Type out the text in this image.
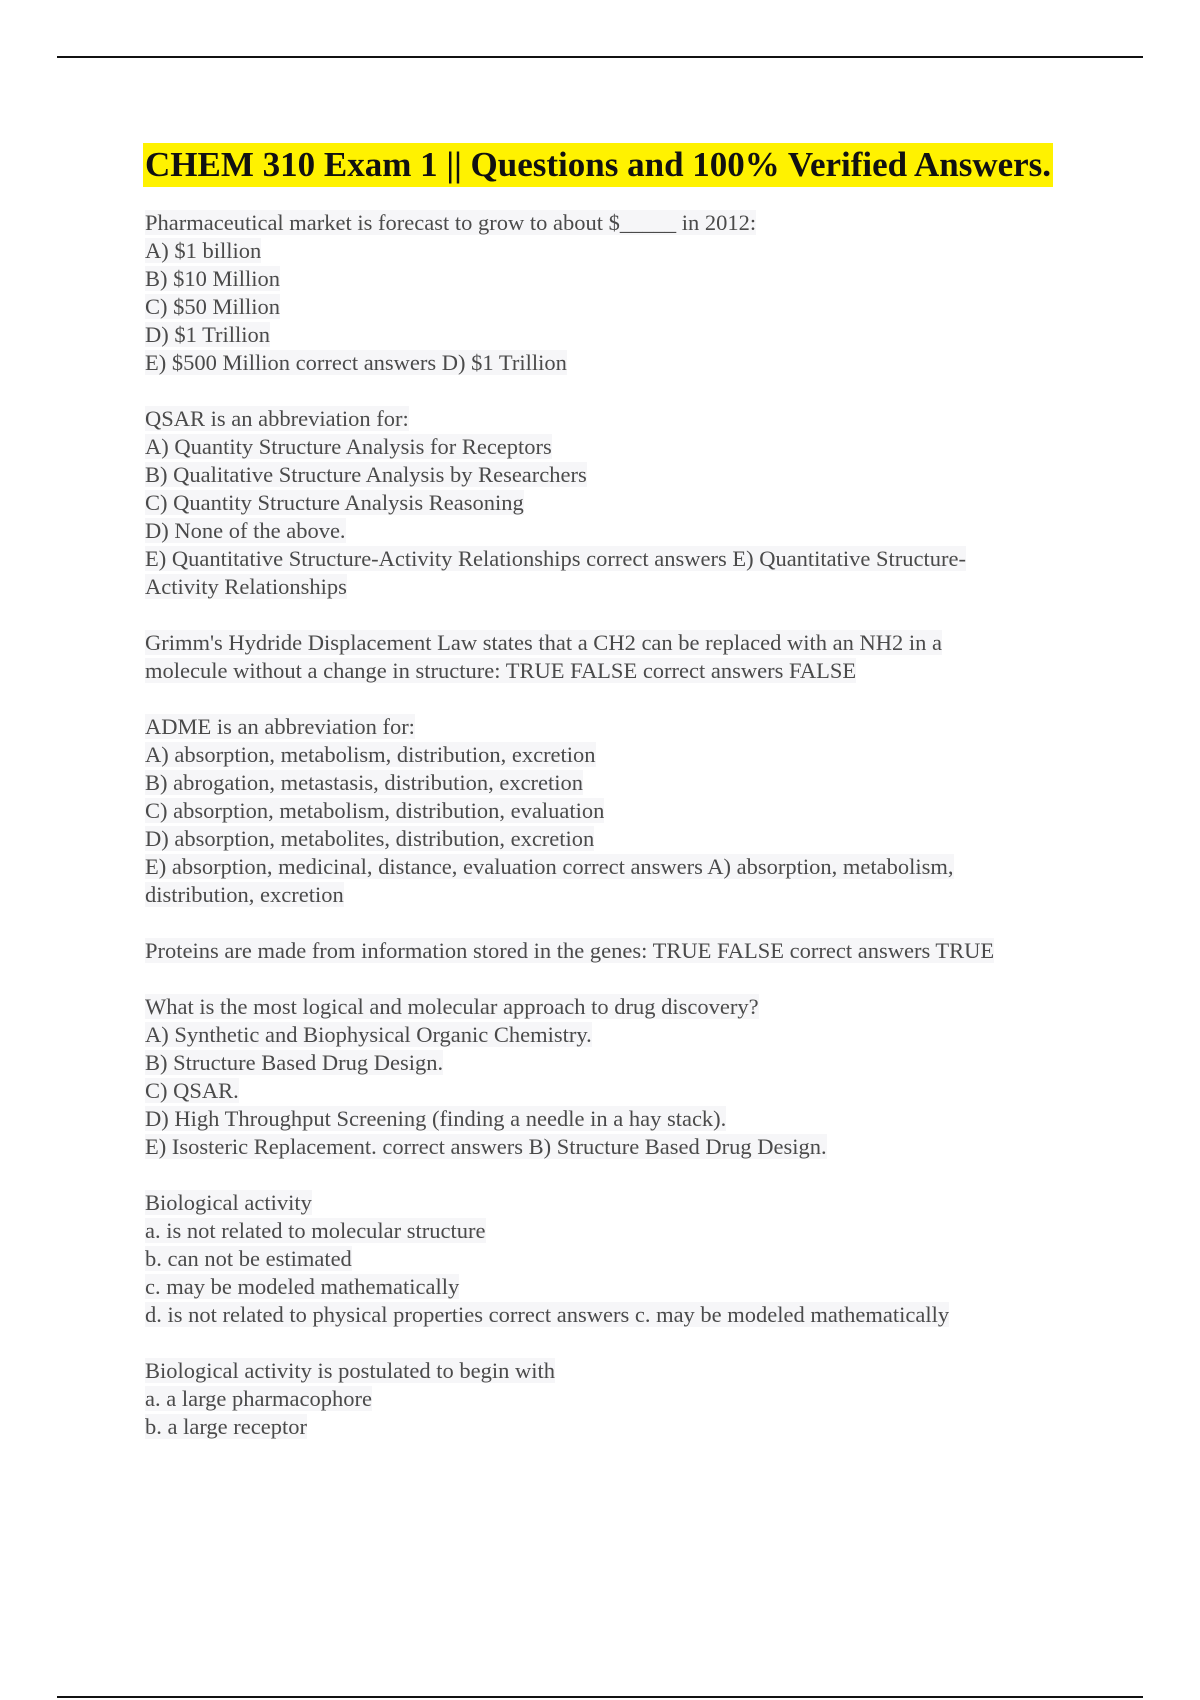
CHEM 310 Exam 1 || Questions and 100% Verified Answers.
Pharmaceutical market is forecast to grow to about $_____ in 2012:
A) $1 billion
B) $10 Million
C) $50 Million
D) $1 Trillion
E) $500 Million correct answers D) $1 Trillion
QSAR is an abbreviation for:
A) Quantity Structure Analysis for Receptors
B) Qualitative Structure Analysis by Researchers
C) Quantity Structure Analysis Reasoning
D) None of the above.
E) Quantitative Structure-Activity Relationships correct answers E) Quantitative Structure-
Activity Relationships
Grimm's Hydride Displacement Law states that a CH2 can be replaced with an NH2 in a
molecule without a change in structure: TRUE FALSE correct answers FALSE
ADME is an abbreviation for:
A) absorption, metabolism, distribution, excretion
B) abrogation, metastasis, distribution, excretion
C) absorption, metabolism, distribution, evaluation
D) absorption, metabolites, distribution, excretion
E) absorption, medicinal, distance, evaluation correct answers A) absorption, metabolism,
distribution, excretion
Proteins are made from information stored in the genes: TRUE FALSE correct answers TRUE
What is the most logical and molecular approach to drug discovery?
A) Synthetic and Biophysical Organic Chemistry.
B) Structure Based Drug Design.
C) QSAR.
D) High Throughput Screening (finding a needle in a hay stack).
E) Isosteric Replacement. correct answers B) Structure Based Drug Design.
Biological activity
a. is not related to molecular structure
b. can not be estimated
c. may be modeled mathematically
d. is not related to physical properties correct answers c. may be modeled mathematically
Biological activity is postulated to begin with
a. a large pharmacophore
b. a large receptor
